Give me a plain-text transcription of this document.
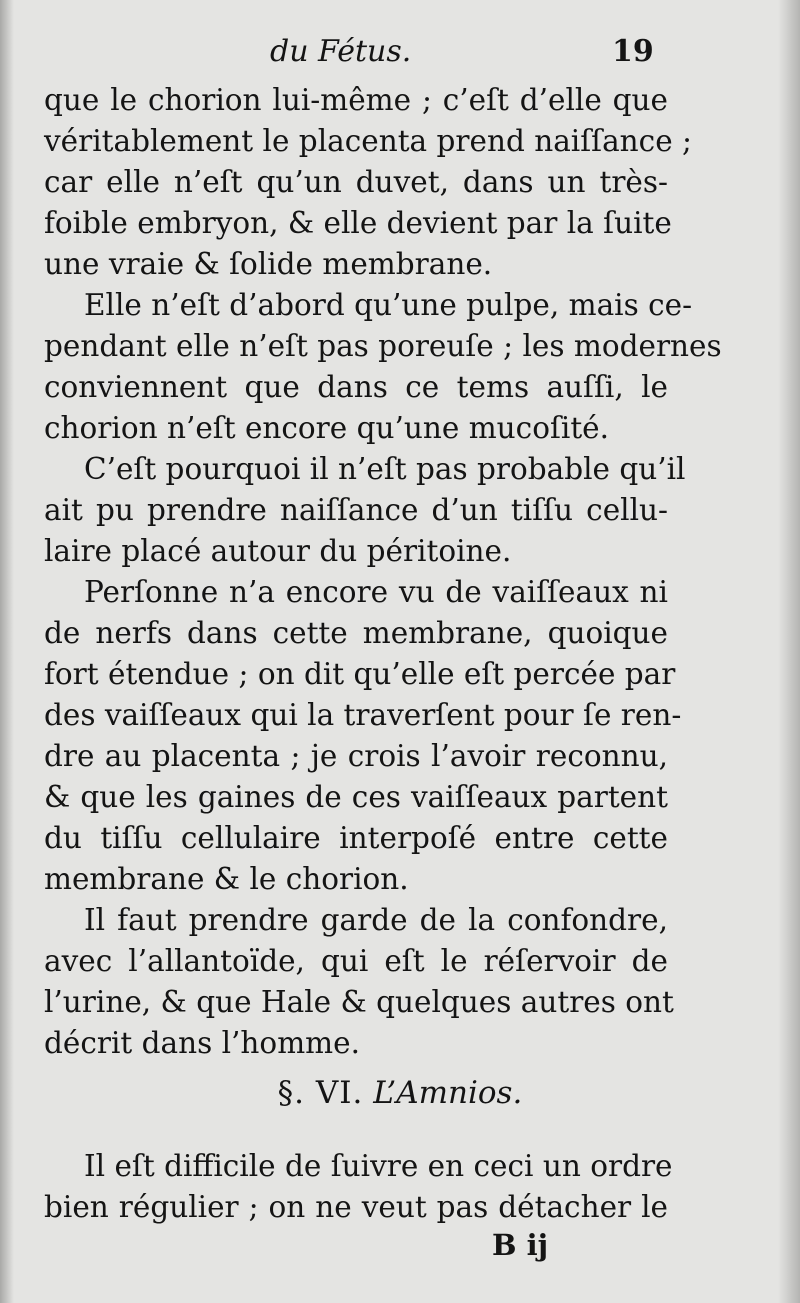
du Fétus.	19
que le chorion lui-même ; c’eſt d’elle que
véritablement le placenta prend naiſſance ;
car elle n’eſt qu’un duvet, dans un très-
foible embryon, & elle devient par la ſuite
une vraie & ſolide membrane.
Elle n’eſt d’abord qu’une pulpe, mais ce-
pendant elle n’eſt pas poreuſe ; les modernes
conviennent que dans ce tems auſſi, le
chorion n’eſt encore qu’une mucoſité.
C’eſt pourquoi il n’eſt pas probable qu’il
ait pu prendre naiſſance d’un tiſſu cellu-
laire placé autour du péritoine.
Perſonne n’a encore vu de vaiſſeaux ni
de nerfs dans cette membrane, quoique
fort étendue ; on dit qu’elle eſt percée par
des vaiſſeaux qui la traverſent pour ſe ren-
dre au placenta ; je crois l’avoir reconnu,
& que les gaines de ces vaiſſeaux partent
du tiſſu cellulaire interpoſé entre cette
membrane & le chorion.
Il faut prendre garde de la confondre,
avec l’allantoïde, qui eſt le réſervoir de
l’urine, & que Hale & quelques autres ont
décrit dans l’homme.
§. VI. L’Amnios.
Il eſt difficile de ſuivre en ceci un ordre
bien régulier ; on ne veut pas détacher le
B ij
